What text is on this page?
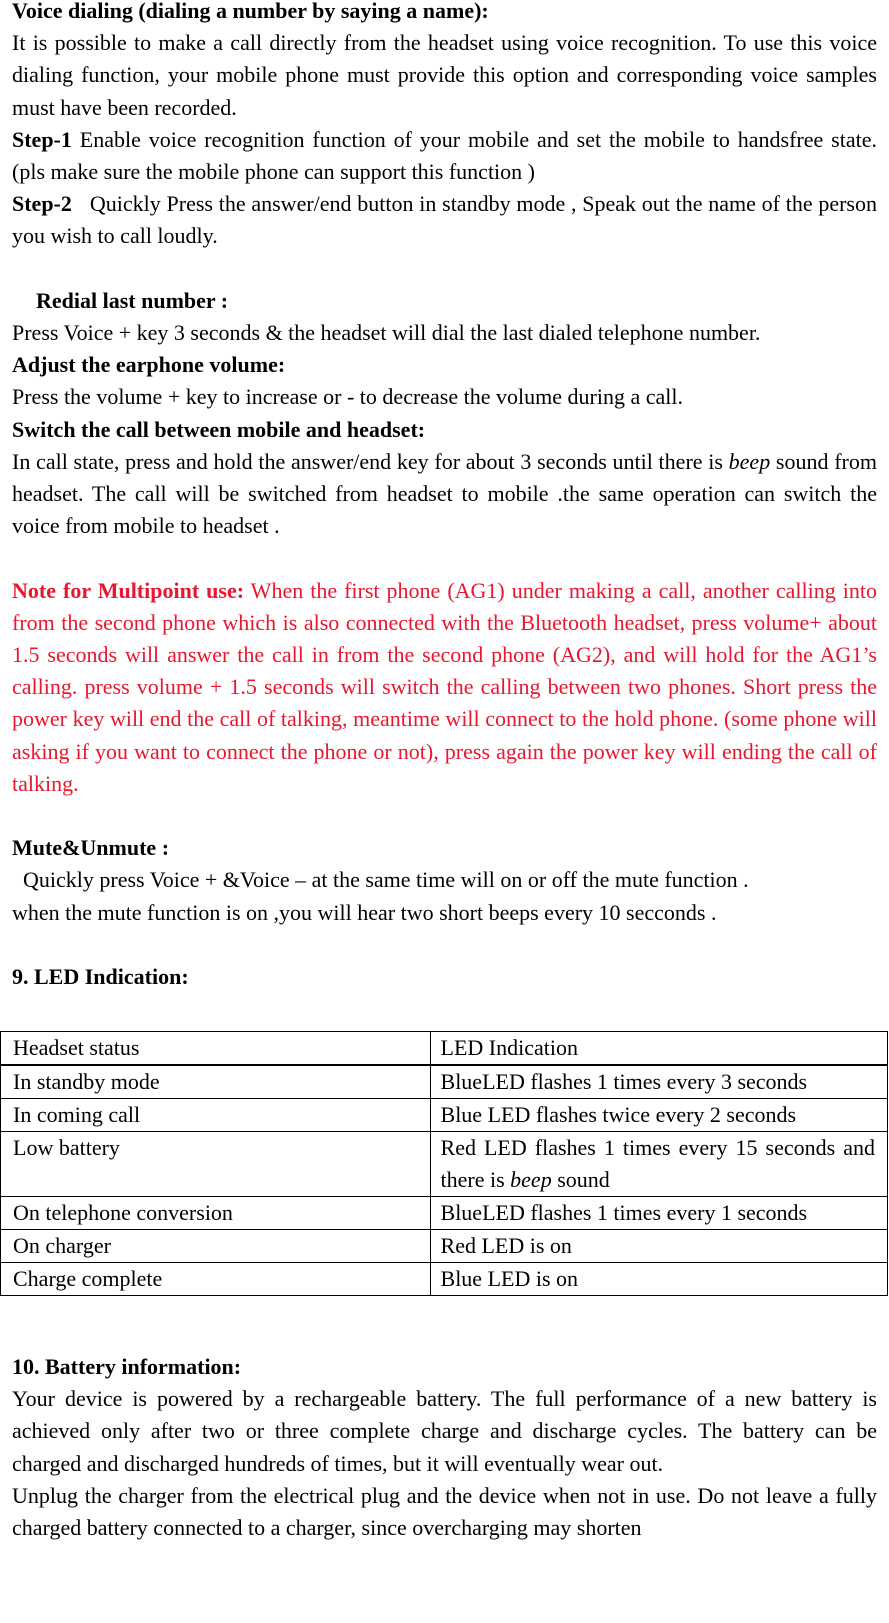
Voice dialing (dialing a number by saying a name):

It is possible to make a call directly from the headset using voice recognition. To use this voice dialing function, your mobile phone must provide this option and corresponding voice samples must have been recorded.

Step-1 Enable voice recognition function of your mobile and set the mobile to handsfree state. (pls make sure the mobile phone can support this function )

Step-2 Quickly Press the answer/end button in standby mode , Speak out the name of the person you wish to call loudly.

Redial last number :

Press Voice + key 3 seconds & the headset will dial the last dialed telephone number.

Adjust the earphone volume:

Press the volume + key to increase or - to decrease the volume during a call.

Switch the call between mobile and headset:

In call state, press and hold the answer/end key for about 3 seconds until there is beep sound from headset. The call will be switched from headset to mobile .the same operation can switch the voice from mobile to headset .

Note for Multipoint use: When the first phone (AG1) under making a call, another calling into from the second phone which is also connected with the Bluetooth headset, press volume+ about 1.5 seconds will answer the call in from the second phone (AG2), and will hold for the AG1’s calling. press volume + 1.5 seconds will switch the calling between two phones. Short press the power key will end the call of talking, meantime will connect to the hold phone. (some phone will asking if you want to connect the phone or not), press again the power key will ending the call of talking.

Mute&Unmute :

Quickly press Voice + &Voice – at the same time will on or off the mute function .

when the mute function is on ,you will hear two short beeps every 10 secconds .

9. LED Indication:

Headset status	LED Indication
In standby mode	BlueLED flashes 1 times every 3 seconds
In coming call	Blue LED flashes twice every 2 seconds
Low battery	Red LED flashes 1 times every 15 seconds and there is beep sound
On telephone conversion	BlueLED flashes 1 times every 1 seconds
On charger	Red LED is on
Charge complete	Blue LED is on

10. Battery information:

Your device is powered by a rechargeable battery. The full performance of a new battery is achieved only after two or three complete charge and discharge cycles. The battery can be charged and discharged hundreds of times, but it will eventually wear out.

Unplug the charger from the electrical plug and the device when not in use. Do not leave a fully charged battery connected to a charger, since overcharging may shorten
